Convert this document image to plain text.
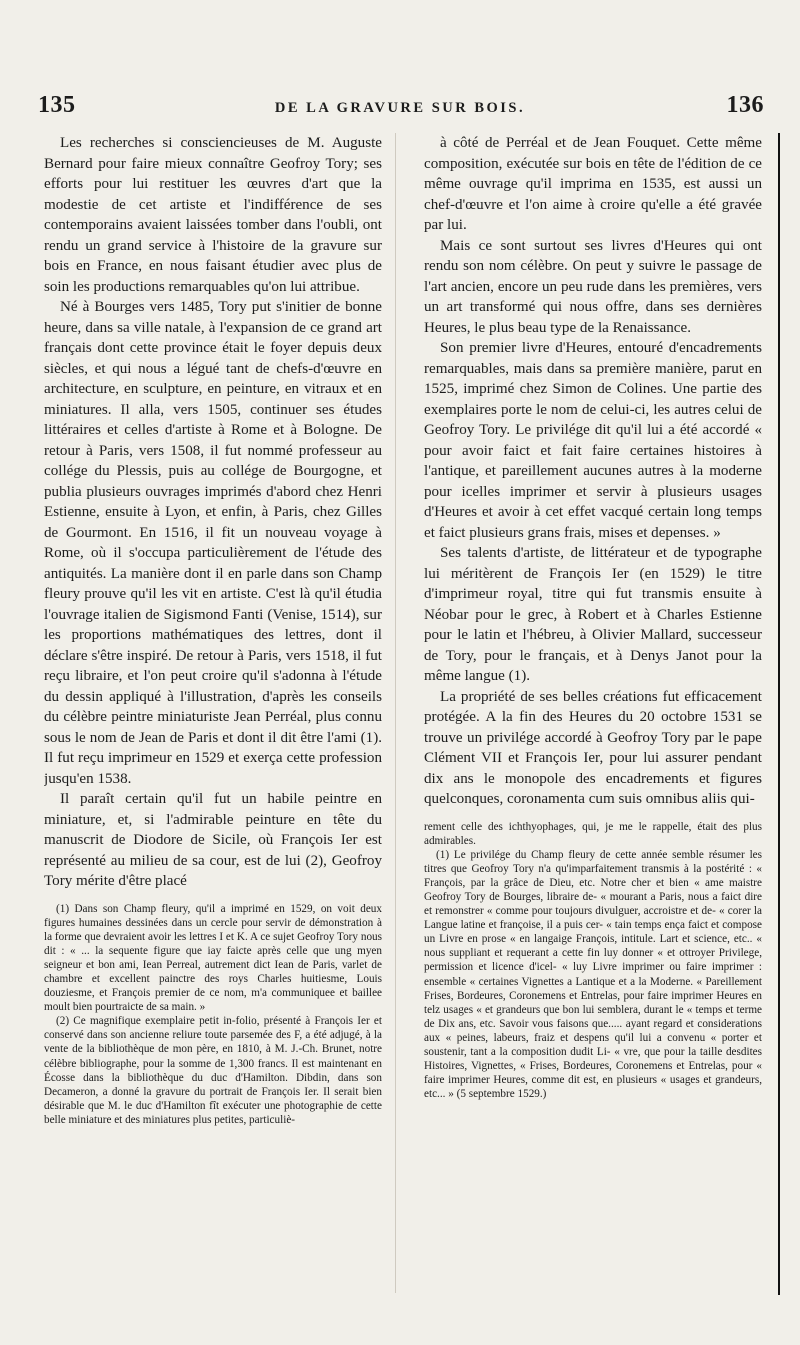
135	DE LA GRAVURE SUR BOIS.	136

Les recherches si consciencieuses de M. Auguste Bernard pour faire mieux connaître Geofroy Tory; ses efforts pour lui restituer les œuvres d'art que la modestie de cet artiste et l'indifférence de ses contemporains avaient laissées tomber dans l'oubli, ont rendu un grand service à l'histoire de la gravure sur bois en France, en nous faisant étudier avec plus de soin les productions remarquables qu'on lui attribue.

Né à Bourges vers 1485, Tory put s'initier de bonne heure, dans sa ville natale, à l'expansion de ce grand art français dont cette province était le foyer depuis deux siècles, et qui nous a légué tant de chefs-d'œuvre en architecture, en sculpture, en peinture, en vitraux et en miniatures. Il alla, vers 1505, continuer ses études littéraires et celles d'artiste à Rome et à Bologne. De retour à Paris, vers 1508, il fut nommé professeur au collége du Plessis, puis au collége de Bourgogne, et publia plusieurs ouvrages imprimés d'abord chez Henri Estienne, ensuite à Lyon, et enfin, à Paris, chez Gilles de Gourmont. En 1516, il fit un nouveau voyage à Rome, où il s'occupa particulièrement de l'étude des antiquités. La manière dont il en parle dans son Champ fleury prouve qu'il les vit en artiste. C'est là qu'il étudia l'ouvrage italien de Sigismond Fanti (Venise, 1514), sur les proportions mathématiques des lettres, dont il déclare s'être inspiré. De retour à Paris, vers 1518, il fut reçu libraire, et l'on peut croire qu'il s'adonna à l'étude du dessin appliqué à l'illustration, d'après les conseils du célèbre peintre miniaturiste Jean Perréal, plus connu sous le nom de Jean de Paris et dont il dit être l'ami (1). Il fut reçu imprimeur en 1529 et exerça cette profession jusqu'en 1538.

Il paraît certain qu'il fut un habile peintre en miniature, et, si l'admirable peinture en tête du manuscrit de Diodore de Sicile, où François Ier est représenté au milieu de sa cour, est de lui (2), Geofroy Tory mérite d'être placé

(1) Dans son Champ fleury, qu'il a imprimé en 1529, on voit deux figures humaines dessinées dans un cercle pour servir de démonstration à la forme que devraient avoir les lettres I et K. A ce sujet Geofroy Tory nous dit : « ... la sequente figure que iay faicte après celle que ung myen seigneur et bon ami, Iean Perreal, autrement dict Iean de Paris, varlet de chambre et excellent painctre des roys Charles huitiesme, Louis douziesme, et François premier de ce nom, m'a communiquee et baillee moult bien pourtraicte de sa main. »

(2) Ce magnifique exemplaire petit in-folio, présenté à François Ier et conservé dans son ancienne reliure toute parsemée des F, a été adjugé, à la vente de la bibliothèque de mon père, en 1810, à M. J.-Ch. Brunet, notre célèbre bibliographe, pour la somme de 1,300 francs. Il est maintenant en Écosse dans la bibliothèque du duc d'Hamilton. Dibdin, dans son Decameron, a donné la gravure du portrait de François Ier. Il serait bien désirable que M. le duc d'Hamilton fît exécuter une photographie de cette belle miniature et des miniatures plus petites, particuliè-

à côté de Perréal et de Jean Fouquet. Cette même composition, exécutée sur bois en tête de l'édition de ce même ouvrage qu'il imprima en 1535, est aussi un chef-d'œuvre et l'on aime à croire qu'elle a été gravée par lui.

Mais ce sont surtout ses livres d'Heures qui ont rendu son nom célèbre. On peut y suivre le passage de l'art ancien, encore un peu rude dans les premières, vers un art transformé qui nous offre, dans ses dernières Heures, le plus beau type de la Renaissance.

Son premier livre d'Heures, entouré d'encadrements remarquables, mais dans sa première manière, parut en 1525, imprimé chez Simon de Colines. Une partie des exemplaires porte le nom de celui-ci, les autres celui de Geofroy Tory. Le privilége dit qu'il lui a été accordé « pour avoir faict et fait faire certaines histoires à l'antique, et pareillement aucunes autres à la moderne pour icelles imprimer et servir à plusieurs usages d'Heures et avoir à cet effet vacqué certain long temps et faict plusieurs grans frais, mises et depenses. »

Ses talents d'artiste, de littérateur et de typographe lui méritèrent de François Ier (en 1529) le titre d'imprimeur royal, titre qui fut transmis ensuite à Néobar pour le grec, à Robert et à Charles Estienne pour le latin et l'hébreu, à Olivier Mallard, successeur de Tory, pour le français, et à Denys Janot pour la même langue (1).

La propriété de ses belles créations fut efficacement protégée. A la fin des Heures du 20 octobre 1531 se trouve un privilége accordé à Geofroy Tory par le pape Clément VII et François Ier, pour lui assurer pendant dix ans le monopole des encadrements et figures quelconques, coronamenta cum suis omnibus aliis qui-

rement celle des ichthyophages, qui, je me le rappelle, était des plus admirables.

(1) Le privilége du Champ fleury de cette année semble résumer les titres que Geofroy Tory n'a qu'imparfaitement transmis à la postérité : « François, par la grâce de Dieu, etc. Notre cher et bien « ame maistre Geofroy Tory de Bourges, libraire de- « mourant a Paris, nous a faict dire et remonstrer « comme pour toujours divulguer, accroistre et de- « corer la Langue latine et françoise, il a puis cer- « tain temps ença faict et compose un Livre en prose « en langaige François, intitule. Lart et science, etc.. « nous suppliant et requerant a cette fin luy donner « et ottroyer Privilege, permission et licence d'icel- « luy Livre imprimer ou faire imprimer : ensemble « certaines Vignettes a Lantique et a la Moderne. « Pareillement Frises, Bordeures, Coronemens et Entrelas, pour faire imprimer Heures en telz usages « et grandeurs que bon lui semblera, durant le « temps et terme de Dix ans, etc. Savoir vous faisons que..... ayant regard et considerations aux « peines, labeurs, fraiz et despens qu'il lui a convenu « porter et soustenir, tant a la composition dudit Li- « vre, que pour la taille desdites Histoires, Vignettes, « Frises, Bordeures, Coronemens et Entrelas, pour « faire imprimer Heures, comme dit est, en plusieurs « usages et grandeurs, etc... » (5 septembre 1529.)
